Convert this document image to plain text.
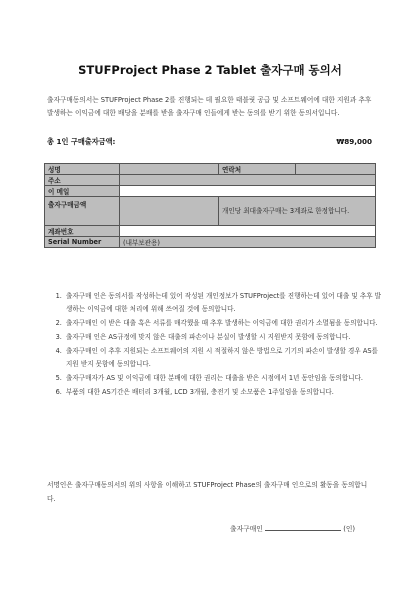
STUFProject Phase 2 Tablet 출자구매 동의서
출자구매동의서는 STUFProject Phase 2를 진행되는 데 필요한 태블릿 공급 및 소프트웨어에 대한 지원과 추후 발생하는 이익금에 대한 배당을 분배를 받을 출자구매 인들에게 받는 동의를 받기 위한 동의서입니다.
총 1인 구매출자금액:	₩89,000
성명		연락처	
주소			
이 메일			
출자구매금액		개인당 최대출자구매는 3계좌로 한정합니다.	
계좌번호			
Serial Number	(내부보관용)		
1. 출자구매 인은 동의서를 작성하는데 있어 작성된 개인정보가 STUFProject를 진행하는데 있어 대출 및 추후 발생하는 이익금에 대한 처리에 위해 쓰여질 것에 동의합니다.
2. 출자구매인 이 받은 대출 혹은 서류를 매각했을 때 추후 발생하는 이익금에 대한 권리가 소멸됨을 동의합니다.
3. 출자구매 인은 AS규정에 맞지 않은 대출의 파손이나 분실이 발생할 시 지원받지 못함에 동의합니다.
4. 출자구매인 이 추후 지원되는 소프트웨어의 지원 시 적절하지 않은 방법으로 기기의 파손이 발생할 경우 AS를 지원 받지 못함에 동의합니다.
5. 출자구매자가 AS 및 이익금에 대한 분배에 대한 권리는 대출을 받은 시점에서 1년 동안임을 동의합니다.
6. 부품의 대한 AS기간은 배터리 3개월, LCD 3개월, 충전기 및 소모품은 1주일임을 동의합니다.
서명인은 출자구매동의서의 위의 사항을 이해하고 STUFProject Phase의 출자구매 인으로의 활동을 동의합니다.
출자구매인	(인)
